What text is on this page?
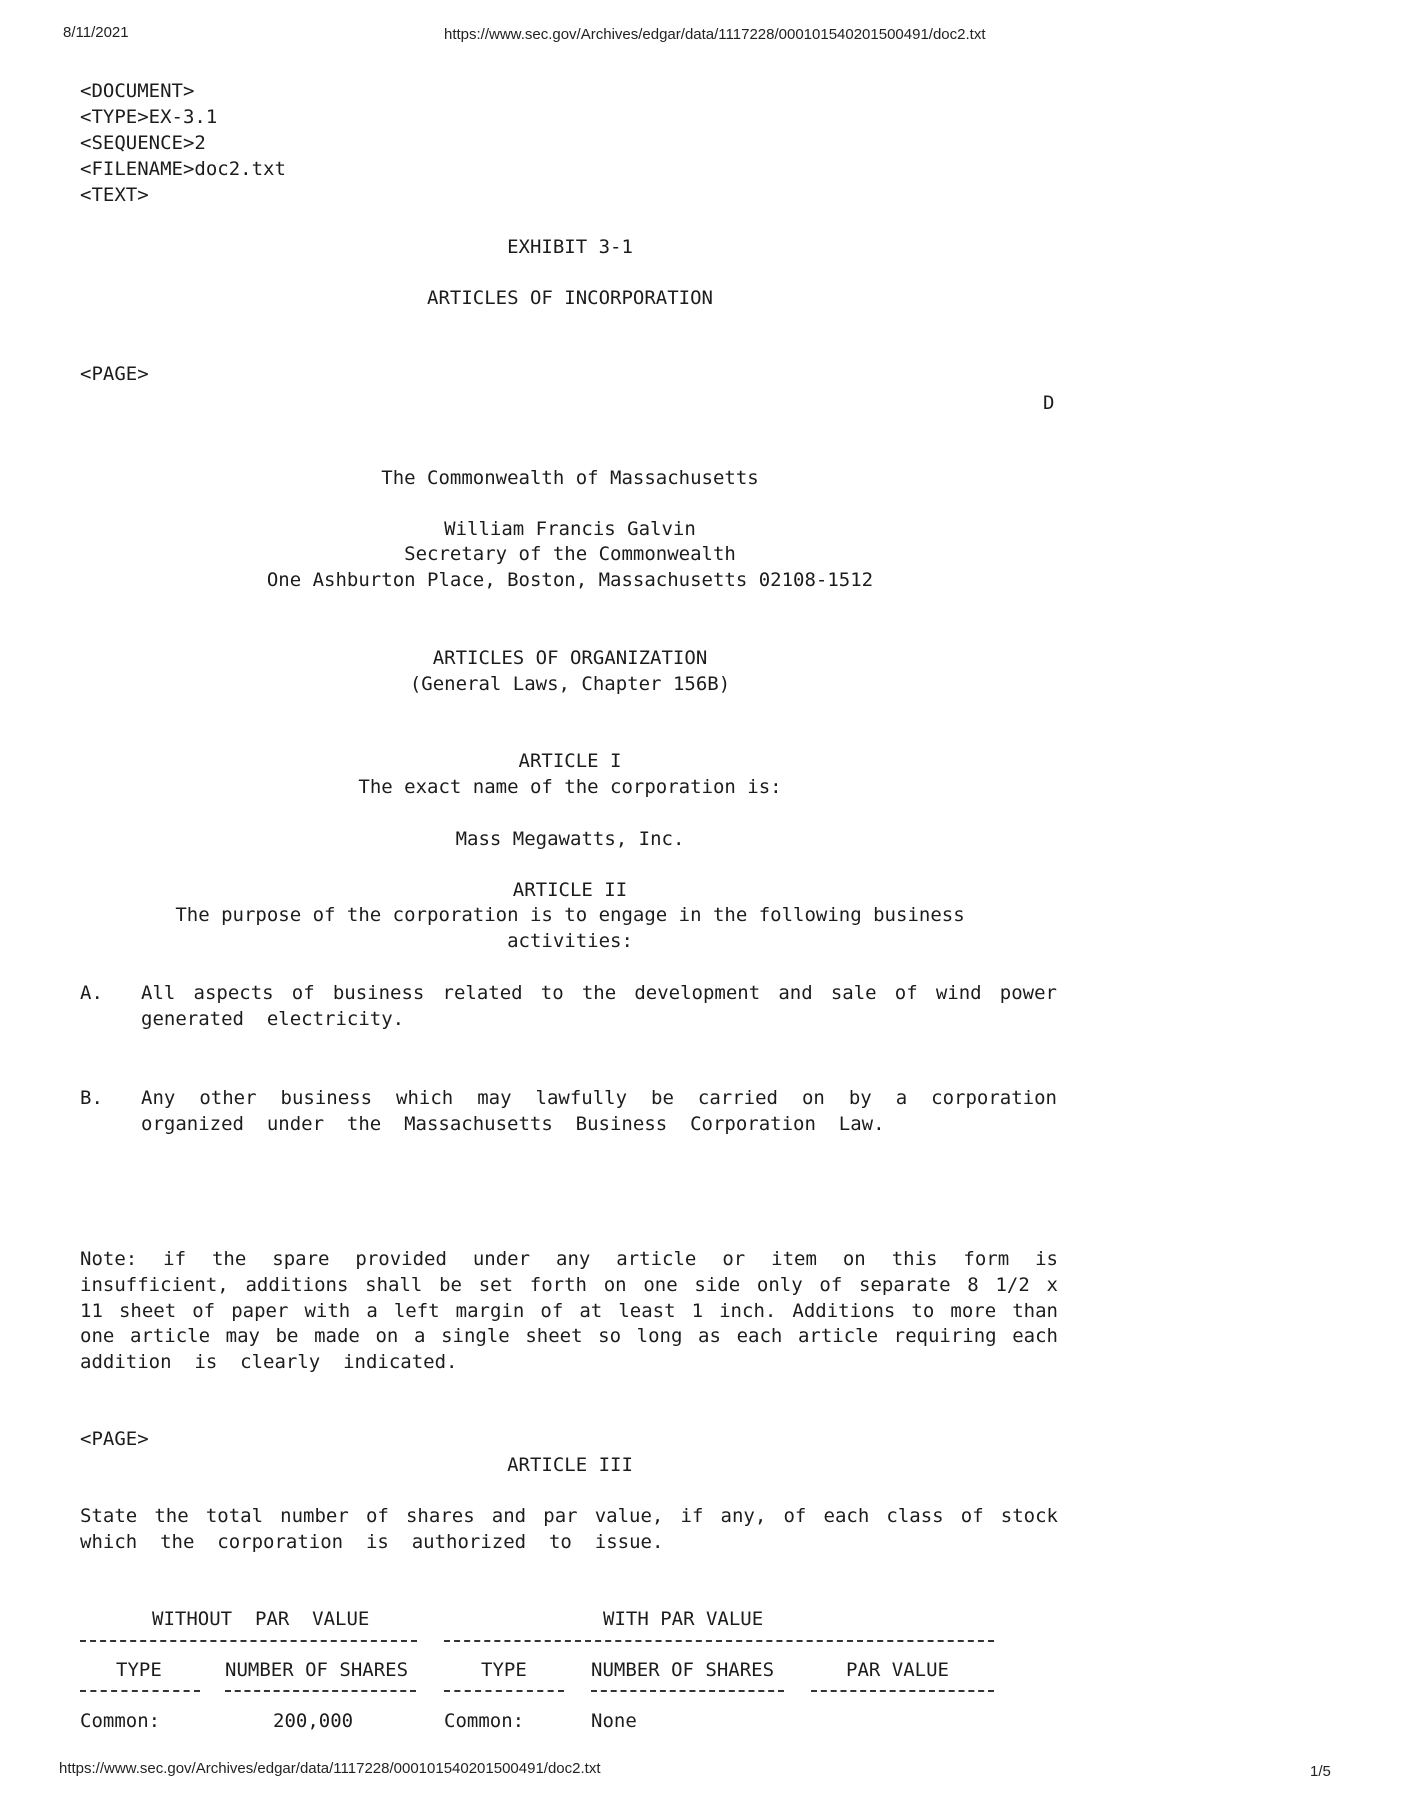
8/11/2021	https://www.sec.gov/Archives/edgar/data/1117228/000101540201500491/doc2.txt
<DOCUMENT>
<TYPE>EX-3.1
<SEQUENCE>2
<FILENAME>doc2.txt
<TEXT>
EXHIBIT 3-1
ARTICLES OF INCORPORATION
<PAGE>
D
The Commonwealth of Massachusetts
William Francis Galvin
Secretary of the Commonwealth
One Ashburton Place, Boston, Massachusetts 02108-1512
ARTICLES OF ORGANIZATION
(General Laws, Chapter 156B)
ARTICLE I
The exact name of the corporation is:
Mass Megawatts, Inc.
ARTICLE II
The purpose of the corporation is to engage in the following business
activities:
A. All aspects of business related to the development and sale of wind power
generated  electricity.
B. Any other business which may lawfully be carried on by a corporation
organized  under  the  Massachusetts  Business  Corporation  Law.
Note: if the spare provided under any article or item on this form is
insufficient, additions shall be set forth on one side only of separate 8 1/2 x
11 sheet of paper with a left margin of at least 1 inch. Additions to more than
one article may be made on a single sheet so long as each article requiring each
addition  is  clearly  indicated.
<PAGE>
ARTICLE III
State the total number of shares and par value, if any, of each class of stock
which  the  corporation  is  authorized  to  issue.
WITHOUT  PAR  VALUE	WITH PAR VALUE
TYPE	NUMBER OF SHARES	TYPE	NUMBER OF SHARES	PAR VALUE
Common:	200,000	Common:	None
https://www.sec.gov/Archives/edgar/data/1117228/000101540201500491/doc2.txt	1/5
